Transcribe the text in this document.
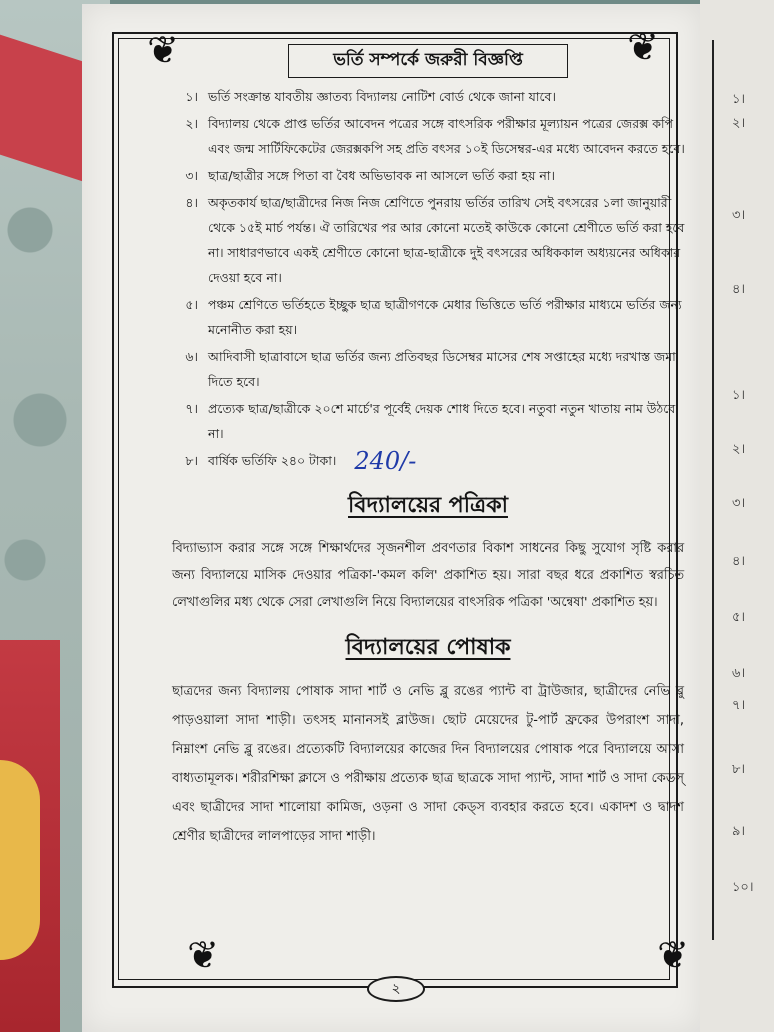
১।
২।
৩।
৪।
১।
২।
৩।
৪।
৫।
৬।
৭।
৮।
৯।
১০।
❦	❦
❦	❦
ভর্তি সম্পর্কে জরুরী বিজ্ঞপ্তি
১। ভর্তি সংক্রান্ত যাবতীয় জ্ঞাতব্য বিদ্যালয় নোটিশ বোর্ড থেকে জানা যাবে।
২। বিদ্যালয় থেকে প্রাপ্ত ভর্তির আবেদন পত্রের সঙ্গে বাৎসরিক পরীক্ষার মূল্যায়ন পত্রের জেরক্স কপি এবং জন্ম সার্টিফিকেটের জেরক্সকপি সহ প্রতি বৎসর ১০ই ডিসেম্বর-এর মধ্যে আবেদন করতে হবে।
৩। ছাত্র/ছাত্রীর সঙ্গে পিতা বা বৈধ অভিভাবক না আসলে ভর্তি করা হয় না।
৪। অকৃতকার্য ছাত্র/ছাত্রীদের নিজ নিজ শ্রেণিতে পুনরায় ভর্তির তারিখ সেই বৎসরের ১লা জানুয়ারী থেকে ১৫ই মার্চ পর্যন্ত। ঐ তারিখের পর আর কোনো মতেই কাউকে কোনো শ্রেণীতে ভর্তি করা হবে না। সাধারণভাবে একই শ্রেণীতে কোনো ছাত্র-ছাত্রীকে দুই বৎসরের অধিককাল অধ্যয়নের অধিকার দেওয়া হবে না।
৫। পঞ্চম শ্রেণিতে ভর্তিহতে ইচ্ছুক ছাত্র ছাত্রীগণকে মেধার ভিত্তিতে ভর্তি পরীক্ষার মাধ্যমে ভর্তির জন্য মনোনীত করা হয়।
৬। আদিবাসী ছাত্রাবাসে ছাত্র ভর্তির জন্য প্রতিবছর ডিসেম্বর মাসের শেষ সপ্তাহের মধ্যে দরখাস্ত জমা দিতে হবে।
৭। প্রত্যেক ছাত্র/ছাত্রীকে ২০শে মার্চে'র পূর্বেই দেয়ক শোধ দিতে হবে। নতুবা নতুন খাতায় নাম উঠবে না।
৮। বার্ষিক ভর্তিফি ২৪০ টাকা। 240/-
বিদ্যালয়ের পত্রিকা
বিদ্যাভ্যাস করার সঙ্গে সঙ্গে শিক্ষার্থদের সৃজনশীল প্রবণতার বিকাশ সাধনের কিছু সুযোগ সৃষ্টি করার জন্য বিদ্যালয়ে মাসিক দেওয়ার পত্রিকা-'কমল কলি' প্রকাশিত হয়। সারা বছর ধরে প্রকাশিত স্বরচিত লেখাগুলির মধ্য থেকে সেরা লেখাগুলি নিয়ে বিদ্যালয়ের বাৎসরিক পত্রিকা 'অন্বেষা' প্রকাশিত হয়।
বিদ্যালয়ের পোষাক
ছাত্রদের জন্য বিদ্যালয় পোষাক সাদা শার্ট ও নেভি ব্লু রঙের প্যান্ট বা ট্রাউজার, ছাত্রীদের নেভি ব্লু পাড়ওয়ালা সাদা শাড়ী। তৎসহ মানানসই ব্লাউজ। ছোট মেয়েদের টু-পার্ট ফ্রকের উপরাংশ সাদা, নিম্নাংশ নেভি ব্লু রঙের। প্রত্যেকটি বিদ্যালয়ের কাজের দিন বিদ্যালয়ের পোষাক পরে বিদ্যালয়ে আসা বাধ্যতামূলক। শরীরশিক্ষা ক্লাসে ও পরীক্ষায় প্রত্যেক ছাত্র ছাত্রকে সাদা প্যান্ট, সাদা শার্ট ও সাদা কেডস্ এবং ছাত্রীদের সাদা শালোয়া কামিজ, ওড়না ও সাদা কেড্স ব্যবহার করতে হবে। একাদশ ও দ্বাদশ শ্রেণীর ছাত্রীদের লালপাড়ের সাদা শাড়ী।
২
